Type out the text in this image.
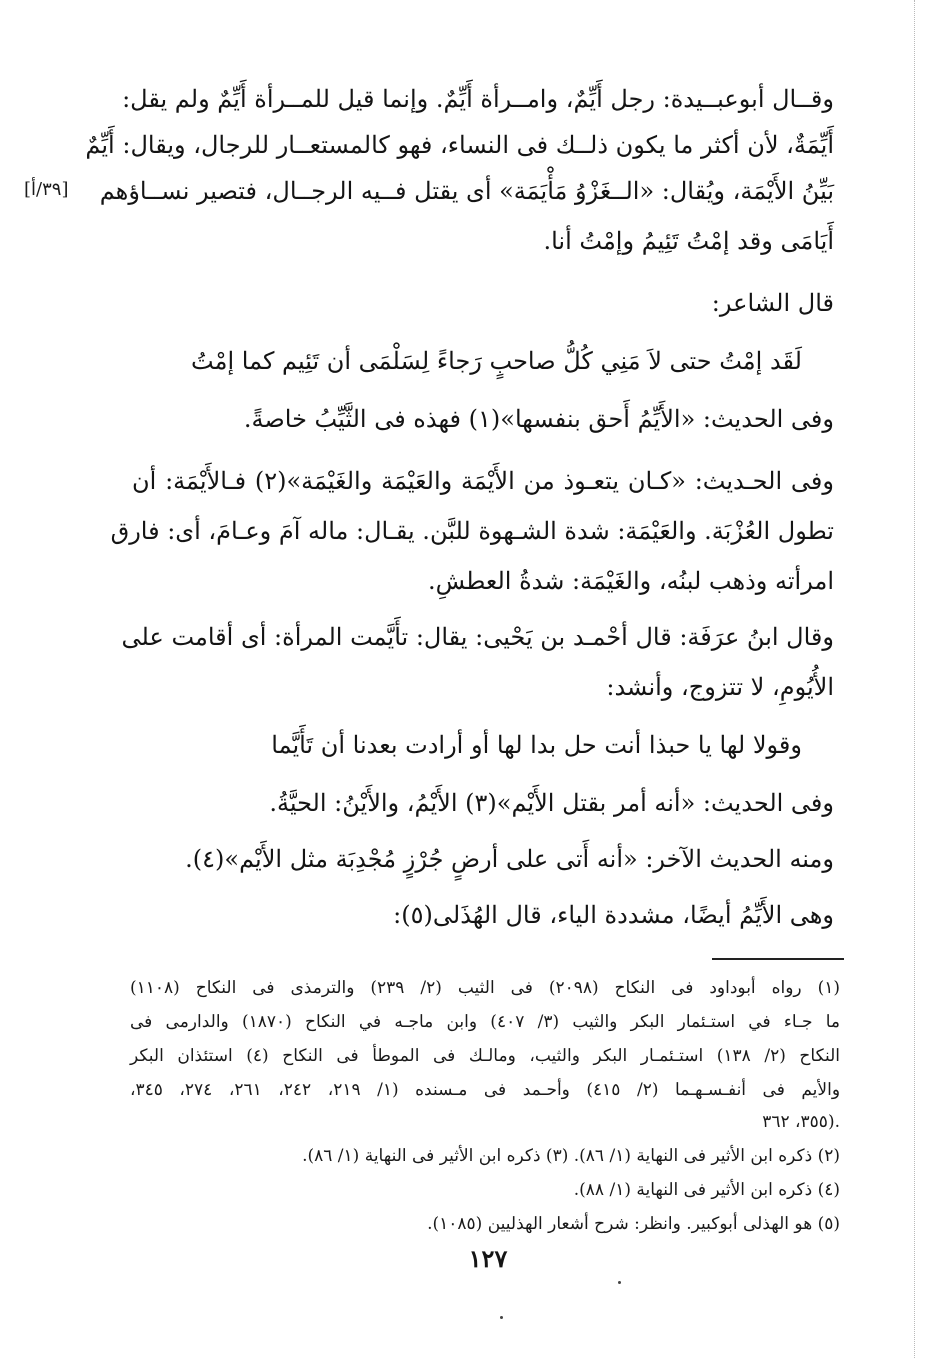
[٣٩/أ]
وقــال أبوعبــيدة: رجل أَيِّمٌ، وامــرأة أَيِّمٌ. وإنما قيل للمــرأة أَيِّمٌ ولم يقل:
أَيِّمَةٌ، لأن أكثر ما يكون ذلــك فى النساء، فهو كالمستعــار للرجال، ويقال: أَيِّمٌ
بَيِّنُ الأَيْمَة، ويُقال: «الــغَزْوُ مَأْيَمَة» أى يقتل فــيه الرجــال، فتصير نســاؤهم
أَيَامَى وقد إمْتُ تَئِيمُ وإمْتُ أنا.
قال الشاعر:
لَقَد إمْتُ حتى لاَ مَنِي كُلُّ صاحبٍ رَجاءً لِسَلْمَى أن تَئِيم كما إمْتُ
وفى الحديث: «الأَيِّمُ أَحق بنفسها»(١) فهذه فى الثَّيِّبُ خاصةً.
وفى الحـديث: «كـان يتعـوذ من الأَيْمَة والعَيْمَة والغَيْمَة»(٢) فـالأَيْمَة: أن
تطول العُزْبَة. والعَيْمَة: شدة الشـهوة للبَّن. يقـال: ماله آمَ وعـامَ، أى: فارق
امرأته وذهب لبنُه، والغَيْمَة: شدةُ العطشِ.
وقال ابنُ عرَفَة: قال أحْمـد بن يَحْيى: يقال: تأَيَّمت المرأة: أى أقامت على
الأُيُومِ، لا تتزوج، وأنشد:
وقولا لها يا حبذا أنت حل بدا لها أو أرادت بعدنا أن تَأَيَّما
وفى الحديث: «أنه أمر بقتل الأَيْم»(٣) الأَيْمُ، والأَيْنُ: الحيَّةُ.
ومنه الحديث الآخر: «أنه أَتى على أرضٍ جُرْزٍ مُجْدِبَة مثل الأَيْم»(٤).
وهى الأَيِّمُ أيضًا، مشددة الياء، قال الهُذَلى(٥):
(١) رواه أبوداود فى النكاح (٢٠٩٨) فى الثيب (٢/ ٢٣٩) والترمذى فى النكاح (١١٠٨)
ما جـاء في استـئمار البكر والثيب (٣/ ٤٠٧) وابن ماجـه في النكاح (١٨٧٠) والدارمى فى
النكاح (٢/ ١٣٨) استـئمـار البكر والثيب، ومالـك فى الموطأ فى النكاح (٤) استئذان البكر
والأيم فى أنفـسـهـما (٢/ ٤١٥) وأحـمد فى مـسنده (١/ ٢١٩، ٢٤٢، ٢٦١، ٢٧٤، ٣٤٥،
٣٥٥، ٣٦٢).
(٢) ذكره ابن الأثير فى النهاية (١/ ٨٦). (٣) ذكره ابن الأثير فى النهاية (١/ ٨٦).
(٤) ذكره ابن الأثير فى النهاية (١/ ٨٨).
(٥) هو الهذلى أبوكبير. وانظر: شرح أشعار الهذليين (١٠٨٥).
١٢٧
